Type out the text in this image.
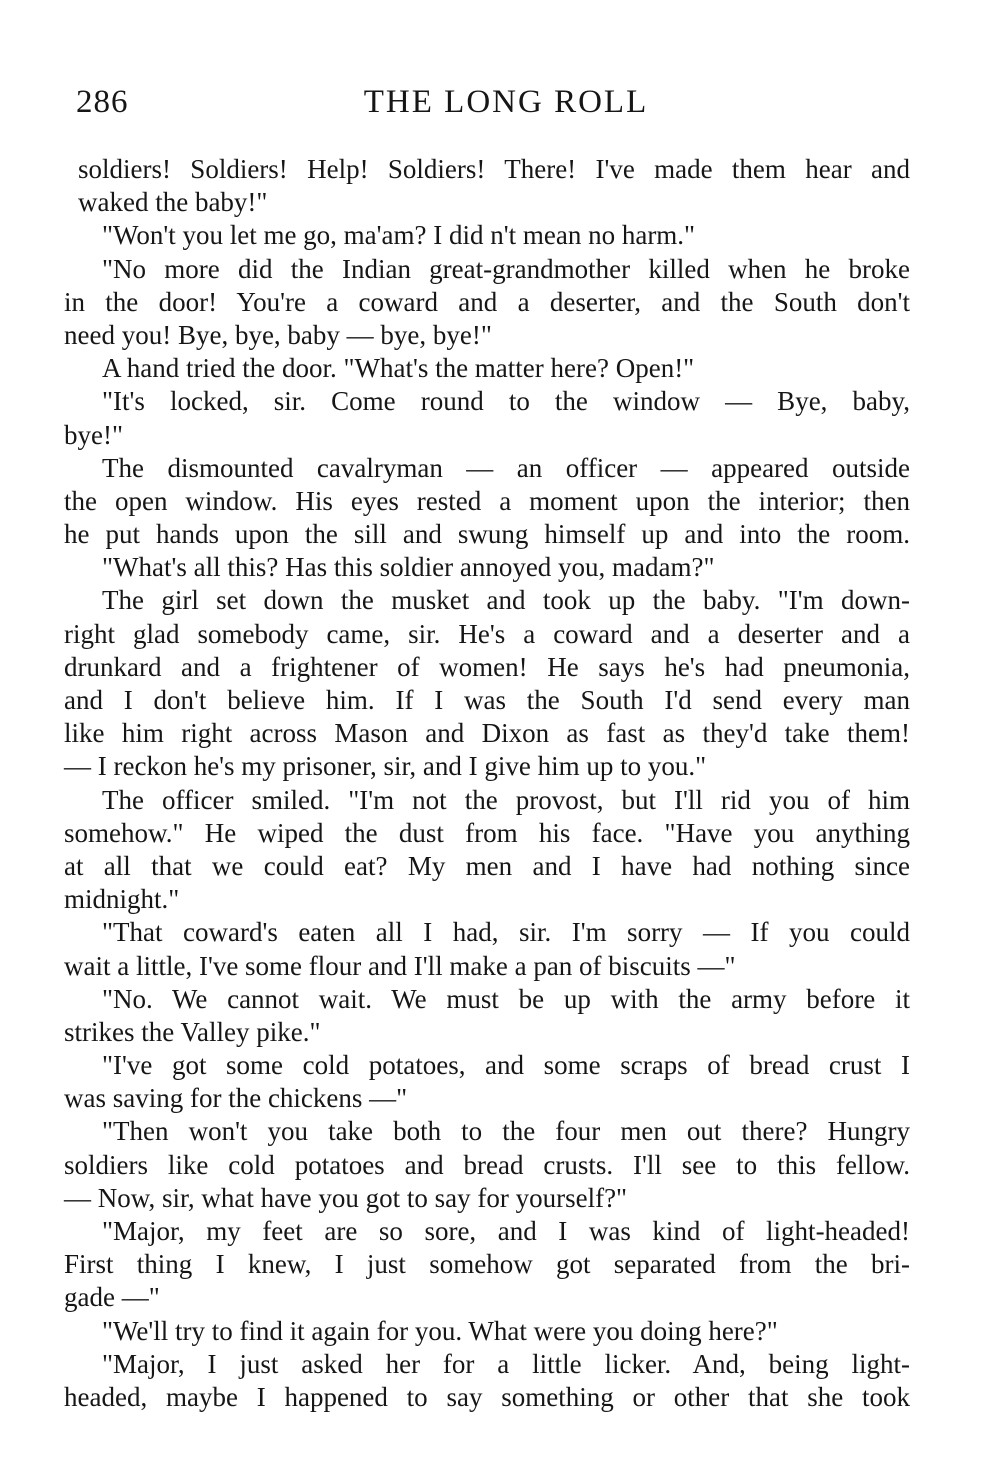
286	THE LONG ROLL
soldiers! Soldiers! Help! Soldiers! There! I've made them hear and
waked the baby!"
"Won't you let me go, ma'am? I did n't mean no harm."
"No more did the Indian great-grandmother killed when he broke
in the door! You're a coward and a deserter, and the South don't
need you! Bye, bye, baby — bye, bye!"
A hand tried the door. "What's the matter here? Open!"
"It's locked, sir. Come round to the window — Bye, baby,
bye!"
The dismounted cavalryman — an officer — appeared outside
the open window. His eyes rested a moment upon the interior; then
he put hands upon the sill and swung himself up and into the room.
"What's all this? Has this soldier annoyed you, madam?"
The girl set down the musket and took up the baby. "I'm down-
right glad somebody came, sir. He's a coward and a deserter and a
drunkard and a frightener of women! He says he's had pneumonia,
and I don't believe him. If I was the South I'd send every man
like him right across Mason and Dixon as fast as they'd take them!
— I reckon he's my prisoner, sir, and I give him up to you."
The officer smiled. "I'm not the provost, but I'll rid you of him
somehow." He wiped the dust from his face. "Have you anything
at all that we could eat? My men and I have had nothing since
midnight."
"That coward's eaten all I had, sir. I'm sorry — If you could
wait a little, I've some flour and I'll make a pan of biscuits —"
"No. We cannot wait. We must be up with the army before it
strikes the Valley pike."
"I've got some cold potatoes, and some scraps of bread crust I
was saving for the chickens —"
"Then won't you take both to the four men out there? Hungry
soldiers like cold potatoes and bread crusts. I'll see to this fellow.
— Now, sir, what have you got to say for yourself?"
"Major, my feet are so sore, and I was kind of light-headed!
First thing I knew, I just somehow got separated from the bri-
gade —"
"We'll try to find it again for you. What were you doing here?"
"Major, I just asked her for a little licker. And, being light-
headed, maybe I happened to say something or other that she took
